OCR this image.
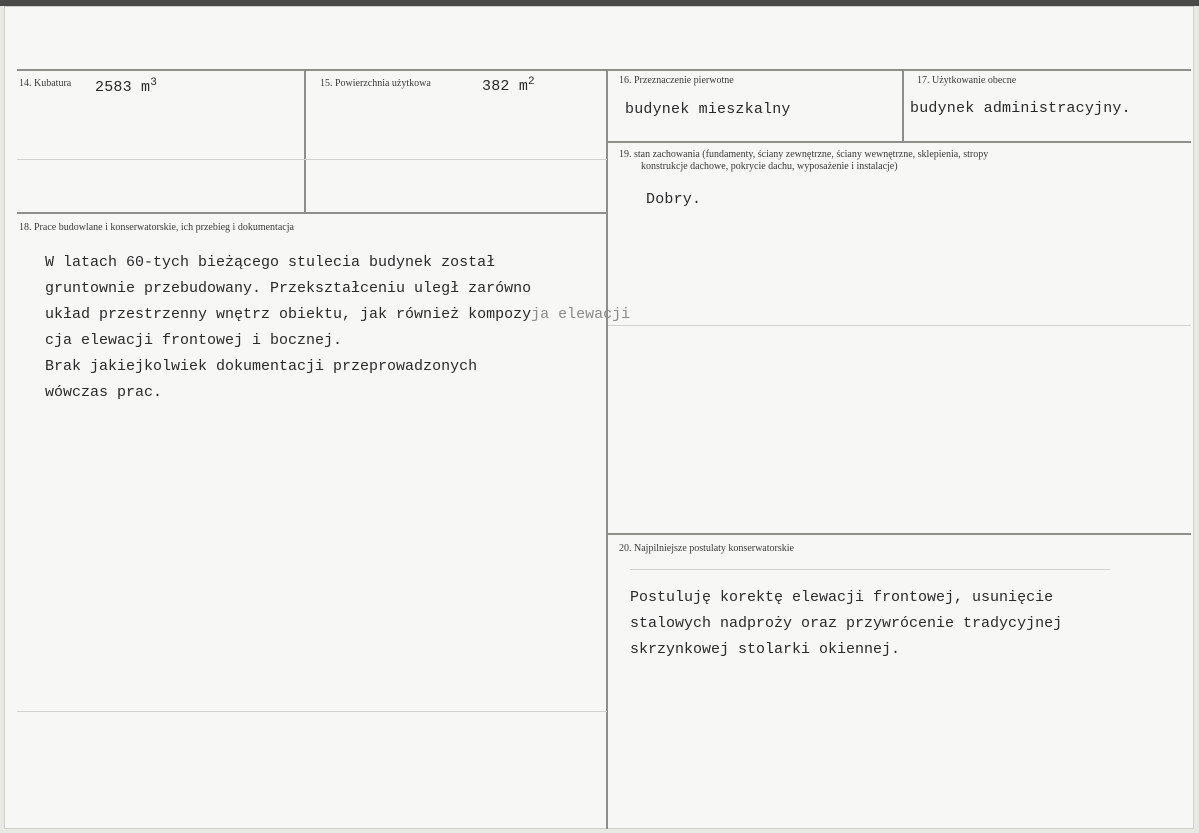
14. Kubatura 2583 $m^3$	15. Powierzchnia użytkowa	382 $m^2$	16. Przeznaczenie pierwotne
budynek mieszkalny
17. Użytkowanie obecne
budynek administracyjny.
18. Prace budowlane i konserwatorskie, ich przebieg i dokumentacja
W latach 60-tych bieżącego stulecia budynek został
gruntownie przebudowany. Przekształceniu uległ zarówno
układ przestrzenny wnętrz obiektu, jak również kompozyja elewacji
cja elewacji frontowej i bocznej.
Brak jakiejkolwiek dokumentacji przeprowadzonych
wówczas prac.
19. stan zachowania (fundamenty, ściany zewnętrzne, ściany wewnętrzne, sklepienia, stropy
konstrukcje dachowe, pokrycie dachu, wyposażenie i instalacje)
Dobry.
20. Najpilniejsze postulaty konserwatorskie
Postuluję korektę elewacji frontowej, usunięcie
stalowych nadproży oraz przywrócenie tradycyjnej
skrzynkowej stolarki okiennej.
